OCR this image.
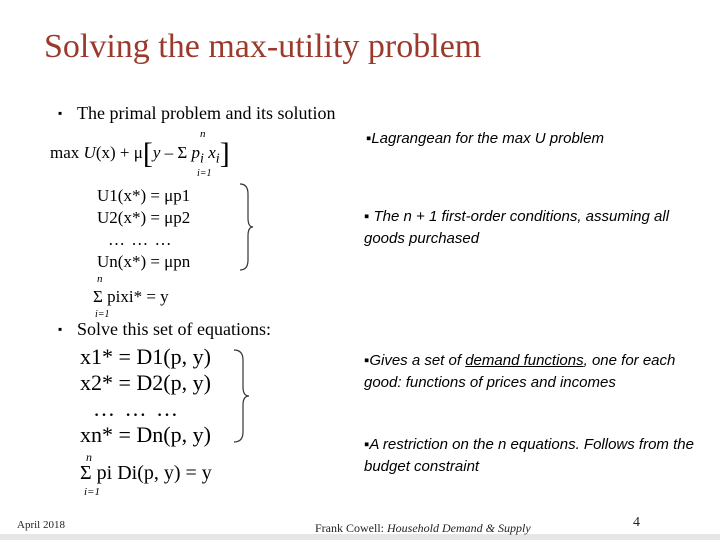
Solving the max-utility problem
▪ The primal problem and its solution
max U(x) + μ[y – Σ $p_i$ $x_i$]
n
i=1
U1(x*) = μp1
U2(x*) = μp2
… … …
Un(x*) = μpn
n
Σ pixi* = y
i=1
▪ Solve this set of equations:
x1* = D1(p, y)
x2* = D2(p, y)
… … …
xn* = Dn(p, y)
n
Σ pi Di(p, y) = y
i=1
▪Lagrangean for the max U problem
▪ The n + 1 first-order conditions, assuming all goods purchased
▪Gives a set of demand functions, one for each good: functions of prices and incomes
▪A restriction on the n equations. Follows from the budget constraint
April 2018	Frank Cowell: Household Demand & Supply	4
